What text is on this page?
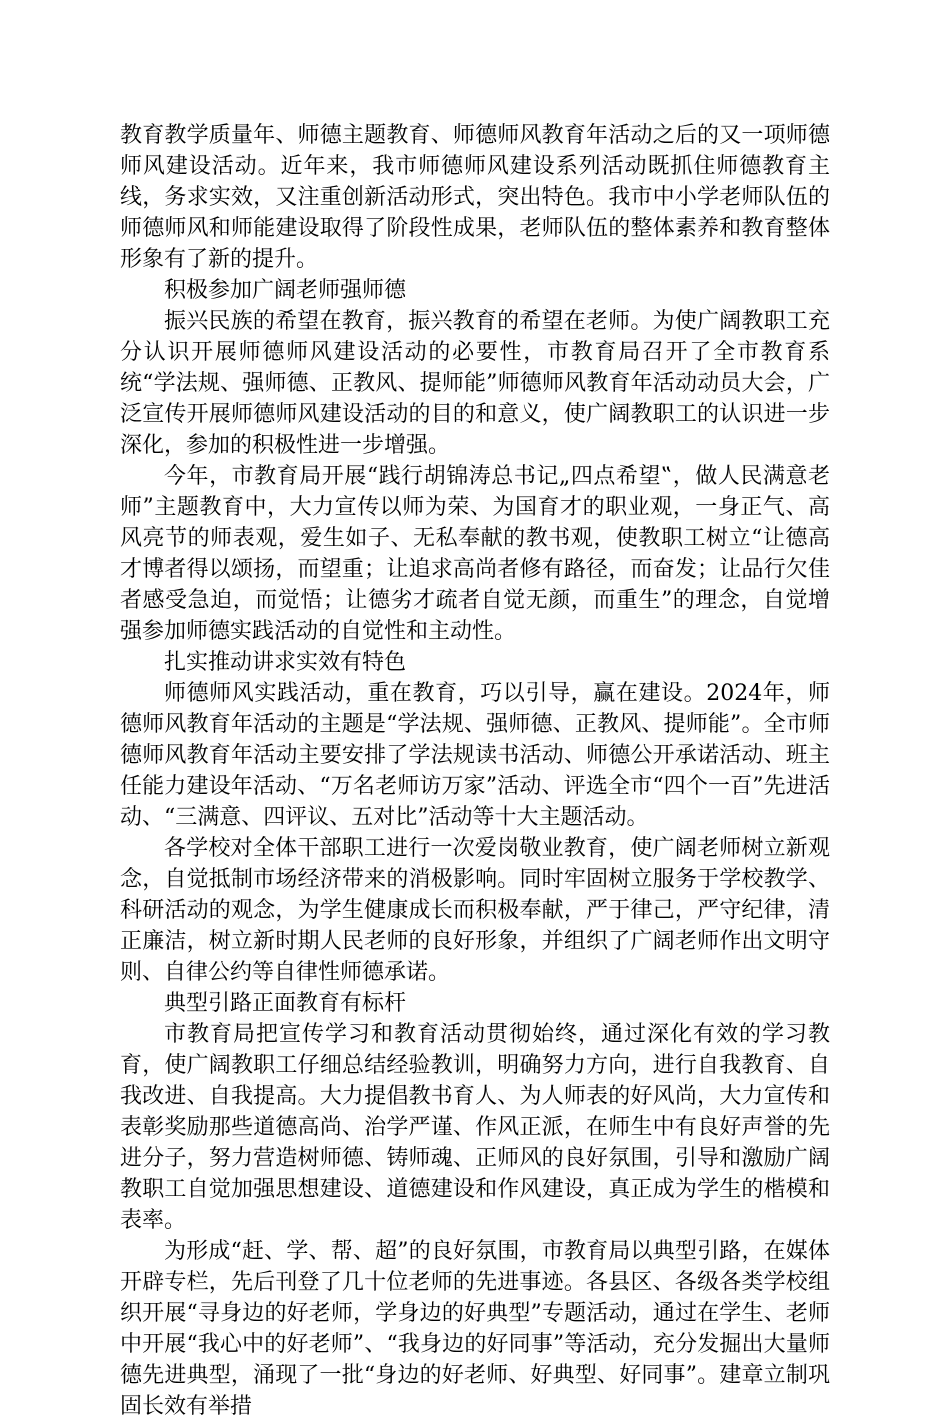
教育教学质量年、师德主题教育、师德师风教育年活动之后的又一项师德师风建设活动。近年来，我市师德师风建设系列活动既抓住师德教育主线，务求实效，又注重创新活动形式，突出特色。我市中小学老师队伍的师德师风和师能建设取得了阶段性成果，老师队伍的整体素养和教育整体形象有了新的提升。

积极参加广阔老师强师德

振兴民族的希望在教育，振兴教育的希望在老师。为使广阔教职工充分认识开展师德师风建设活动的必要性，市教育局召开了全市教育系统“学法规、强师德、正教风、提师能”师德师风教育年活动动员大会，广泛宣传开展师德师风建设活动的目的和意义，使广阔教职工的认识进一步深化，参加的积极性进一步增强。

今年，市教育局开展“践行胡锦涛总书记„四点希望‟，做人民满意老师”主题教育中，大力宣传以师为荣、为国育才的职业观，一身正气、高风亮节的师表观，爱生如子、无私奉献的教书观，使教职工树立“让德高才博者得以颂扬，而望重；让追求高尚者修有路径，而奋发；让品行欠佳者感受急迫，而觉悟；让德劣才疏者自觉无颜，而重生”的理念，自觉增强参加师德实践活动的自觉性和主动性。

扎实推动讲求实效有特色

师德师风实践活动，重在教育，巧以引导，赢在建设。2024年，师德师风教育年活动的主题是“学法规、强师德、正教风、提师能”。全市师德师风教育年活动主要安排了学法规读书活动、师德公开承诺活动、班主任能力建设年活动、“万名老师访万家”活动、评选全市“四个一百”先进活动、“三满意、四评议、五对比”活动等十大主题活动。

各学校对全体干部职工进行一次爱岗敬业教育，使广阔老师树立新观念，自觉抵制市场经济带来的消极影响。同时牢固树立服务于学校教学、科研活动的观念，为学生健康成长而积极奉献，严于律己，严守纪律，清正廉洁，树立新时期人民老师的良好形象，并组织了广阔老师作出文明守则、自律公约等自律性师德承诺。

典型引路正面教育有标杆

市教育局把宣传学习和教育活动贯彻始终，通过深化有效的学习教育，使广阔教职工仔细总结经验教训，明确努力方向，进行自我教育、自我改进、自我提高。大力提倡教书育人、为人师表的好风尚，大力宣传和表彰奖励那些道德高尚、治学严谨、作风正派，在师生中有良好声誉的先进分子，努力营造树师德、铸师魂、正师风的良好氛围，引导和激励广阔教职工自觉加强思想建设、道德建设和作风建设，真正成为学生的楷模和表率。

为形成“赶、学、帮、超”的良好氛围，市教育局以典型引路，在媒体开辟专栏，先后刊登了几十位老师的先进事迹。各县区、各级各类学校组织开展“寻身边的好老师，学身边的好典型”专题活动，通过在学生、老师中开展“我心中的好老师”、“我身边的好同事”等活动，充分发掘出大量师德先进典型，涌现了一批“身边的好老师、好典型、好同事”。建章立制巩固长效有举措
